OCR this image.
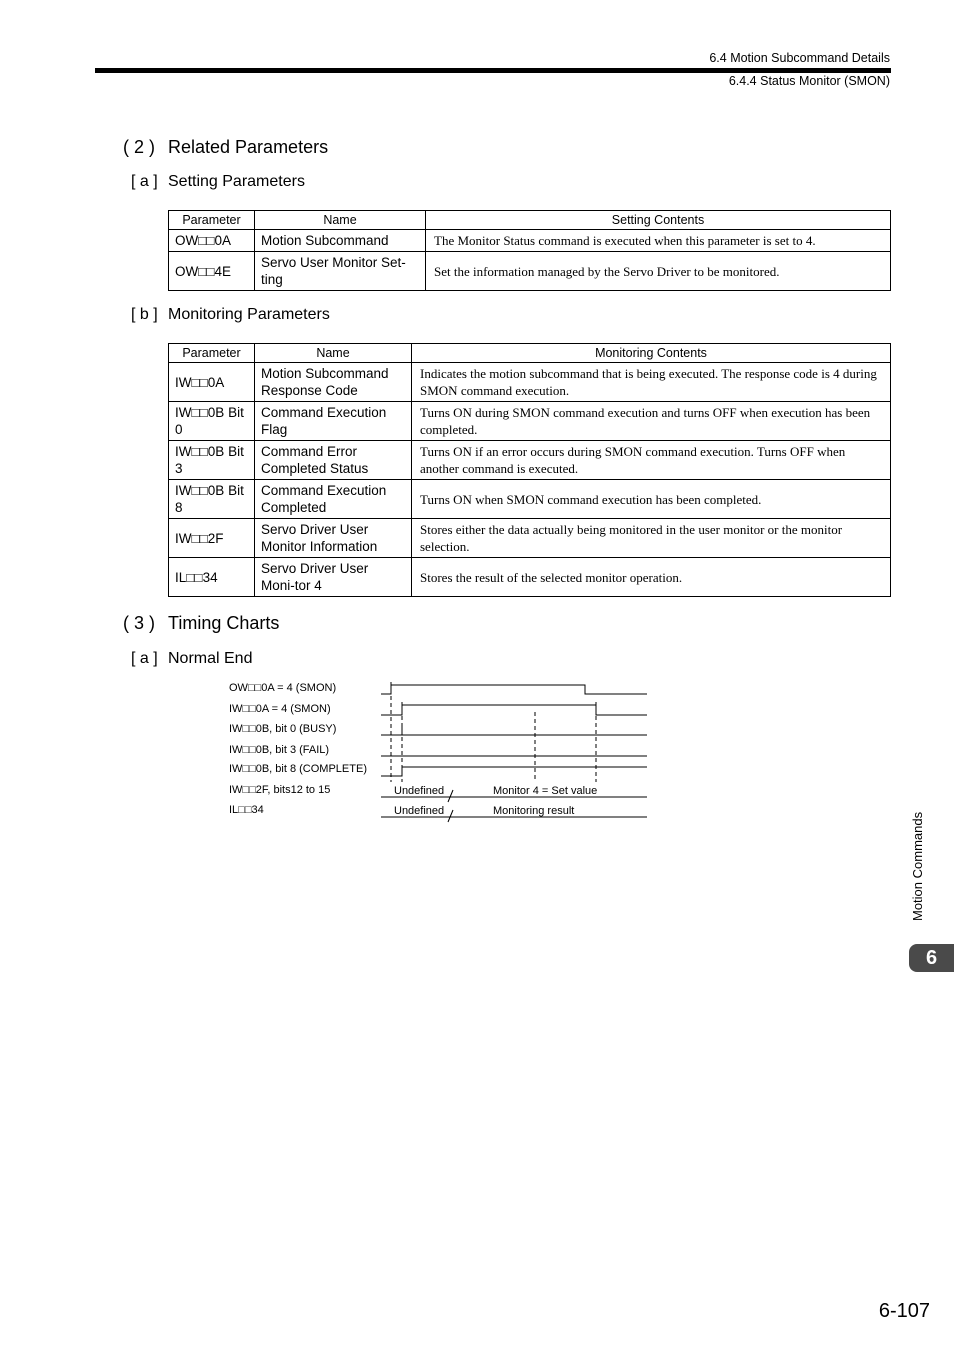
6.4 Motion Subcommand Details
6.4.4 Status Monitor (SMON)
( 2 ) Related Parameters
[ a ] Setting Parameters
Parameter	Name	Setting Contents
OW□□0A	Motion Subcommand	The Monitor Status command is executed when this parameter is set to 4.
OW□□4E	Servo User Monitor Set-ting	Set the information managed by the Servo Driver to be monitored.
[ b ] Monitoring Parameters
Parameter	Name	Monitoring Contents
IW□□0A	Motion Subcommand Response Code	Indicates the motion subcommand that is being executed. The response code is 4 during SMON command execution.
IW□□0B Bit 0	Command Execution Flag	Turns ON during SMON command execution and turns OFF when execution has been completed.
IW□□0B Bit 3	Command Error Completed Status	Turns ON if an error occurs during SMON command execution. Turns OFF when another command is executed.
IW□□0B Bit 8	Command Execution Completed	Turns ON when SMON command execution has been completed.
IW□□2F	Servo Driver User Monitor Information	Stores either the data actually being monitored in the user monitor or the monitor selection.
IL□□34	Servo Driver User Moni-tor 4	Stores the result of the selected monitor operation.
( 3 ) Timing Charts
[ a ] Normal End
OW□□0A = 4 (SMON)
IW□□0A = 4 (SMON)
IW□□0B, bit 0 (BUSY)
IW□□0B, bit 3 (FAIL)
IW□□0B, bit 8 (COMPLETE)
IW□□2F, bits12 to 15
IL□□34
Undefined	Monitor 4 = Set value
Undefined	Monitoring result
Motion Commands
6
6-107
